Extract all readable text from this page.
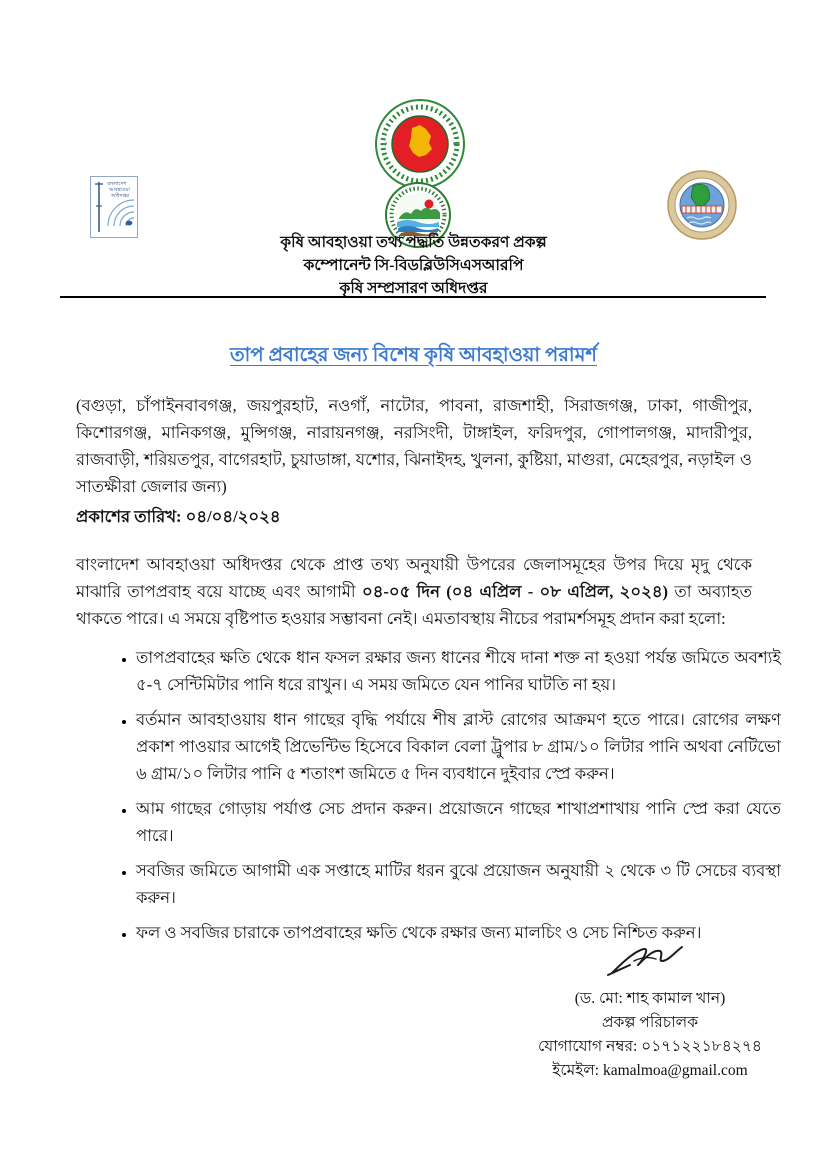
বাংলাদেশ
আবহাওয়া
অধিদপ্তর
কৃষি আবহাওয়া তথ্য পদ্ধতি উন্নতকরণ প্রকল্প
কম্পোনেন্ট সি-বিডব্লিউসিএসআরপি
কৃষি সম্প্রসারণ অধিদপ্তর
তাপ প্রবাহের জন্য বিশেষ কৃষি আবহাওয়া পরামর্শ
(বগুড়া, চাঁপাইনবাবগঞ্জ, জয়পুরহাট, নওগাঁ, নাটোর, পাবনা, রাজশাহী, সিরাজগঞ্জ, ঢাকা, গাজীপুর, কিশোরগঞ্জ, মানিকগঞ্জ, মুন্সিগঞ্জ, নারায়নগঞ্জ, নরসিংদী, টাঙ্গাইল, ফরিদপুর, গোপালগঞ্জ, মাদারীপুর, রাজবাড়ী, শরিয়তপুর, বাগেরহাট, চুয়াডাঙ্গা, যশোর, ঝিনাইদহ, খুলনা, কুষ্টিয়া, মাগুরা, মেহেরপুর, নড়াইল ও সাতক্ষীরা জেলার জন্য)
প্রকাশের তারিখ: ০৪/০৪/২০২৪
বাংলাদেশ আবহাওয়া অধিদপ্তর থেকে প্রাপ্ত তথ্য অনুযায়ী উপরের জেলাসমূহের উপর দিয়ে মৃদু থেকে মাঝারি তাপপ্রবাহ বয়ে যাচ্ছে এবং আগামী ০৪-০৫ দিন (০৪ এপ্রিল - ০৮ এপ্রিল, ২০২৪) তা অব্যাহত থাকতে পারে। এ সময়ে বৃষ্টিপাত হওয়ার সম্ভাবনা নেই। এমতাবস্থায় নীচের পরামর্শসমূহ প্রদান করা হলো:
• তাপপ্রবাহের ক্ষতি থেকে ধান ফসল রক্ষার জন্য ধানের শীষে দানা শক্ত না হওয়া পর্যন্ত জমিতে অবশ্যই ৫-৭ সেন্টিমিটার পানি ধরে রাখুন। এ সময় জমিতে যেন পানির ঘাটতি না হয়।
• বর্তমান আবহাওয়ায় ধান গাছের বৃদ্ধি পর্যায়ে শীষ ব্লাস্ট রোগের আক্রমণ হতে পারে। রোগের লক্ষণ প্রকাশ পাওয়ার আগেই প্রিভেন্টিভ হিসেবে বিকাল বেলা ট্রুপার ৮ গ্রাম/১০ লিটার পানি অথবা নেটিভো ৬ গ্রাম/১০ লিটার পানি ৫ শতাংশ জমিতে ৫ দিন ব্যবধানে দুইবার স্প্রে করুন।
• আম গাছের গোড়ায় পর্যাপ্ত সেচ প্রদান করুন। প্রয়োজনে গাছের শাখাপ্রশাখায় পানি স্প্রে করা যেতে পারে।
• সবজির জমিতে আগামী এক সপ্তাহে মাটির ধরন বুঝে প্রয়োজন অনুযায়ী ২ থেকে ৩ টি সেচের ব্যবস্থা করুন।
• ফল ও সবজির চারাকে তাপপ্রবাহের ক্ষতি থেকে রক্ষার জন্য মালচিং ও সেচ নিশ্চিত করুন।
(ড. মো: শাহ কামাল খান)
প্রকল্প পরিচালক
যোগাযোগ নম্বর: ০১৭১২২১৮৪২৭৪
ইমেইল: kamalmoa@gmail.com
